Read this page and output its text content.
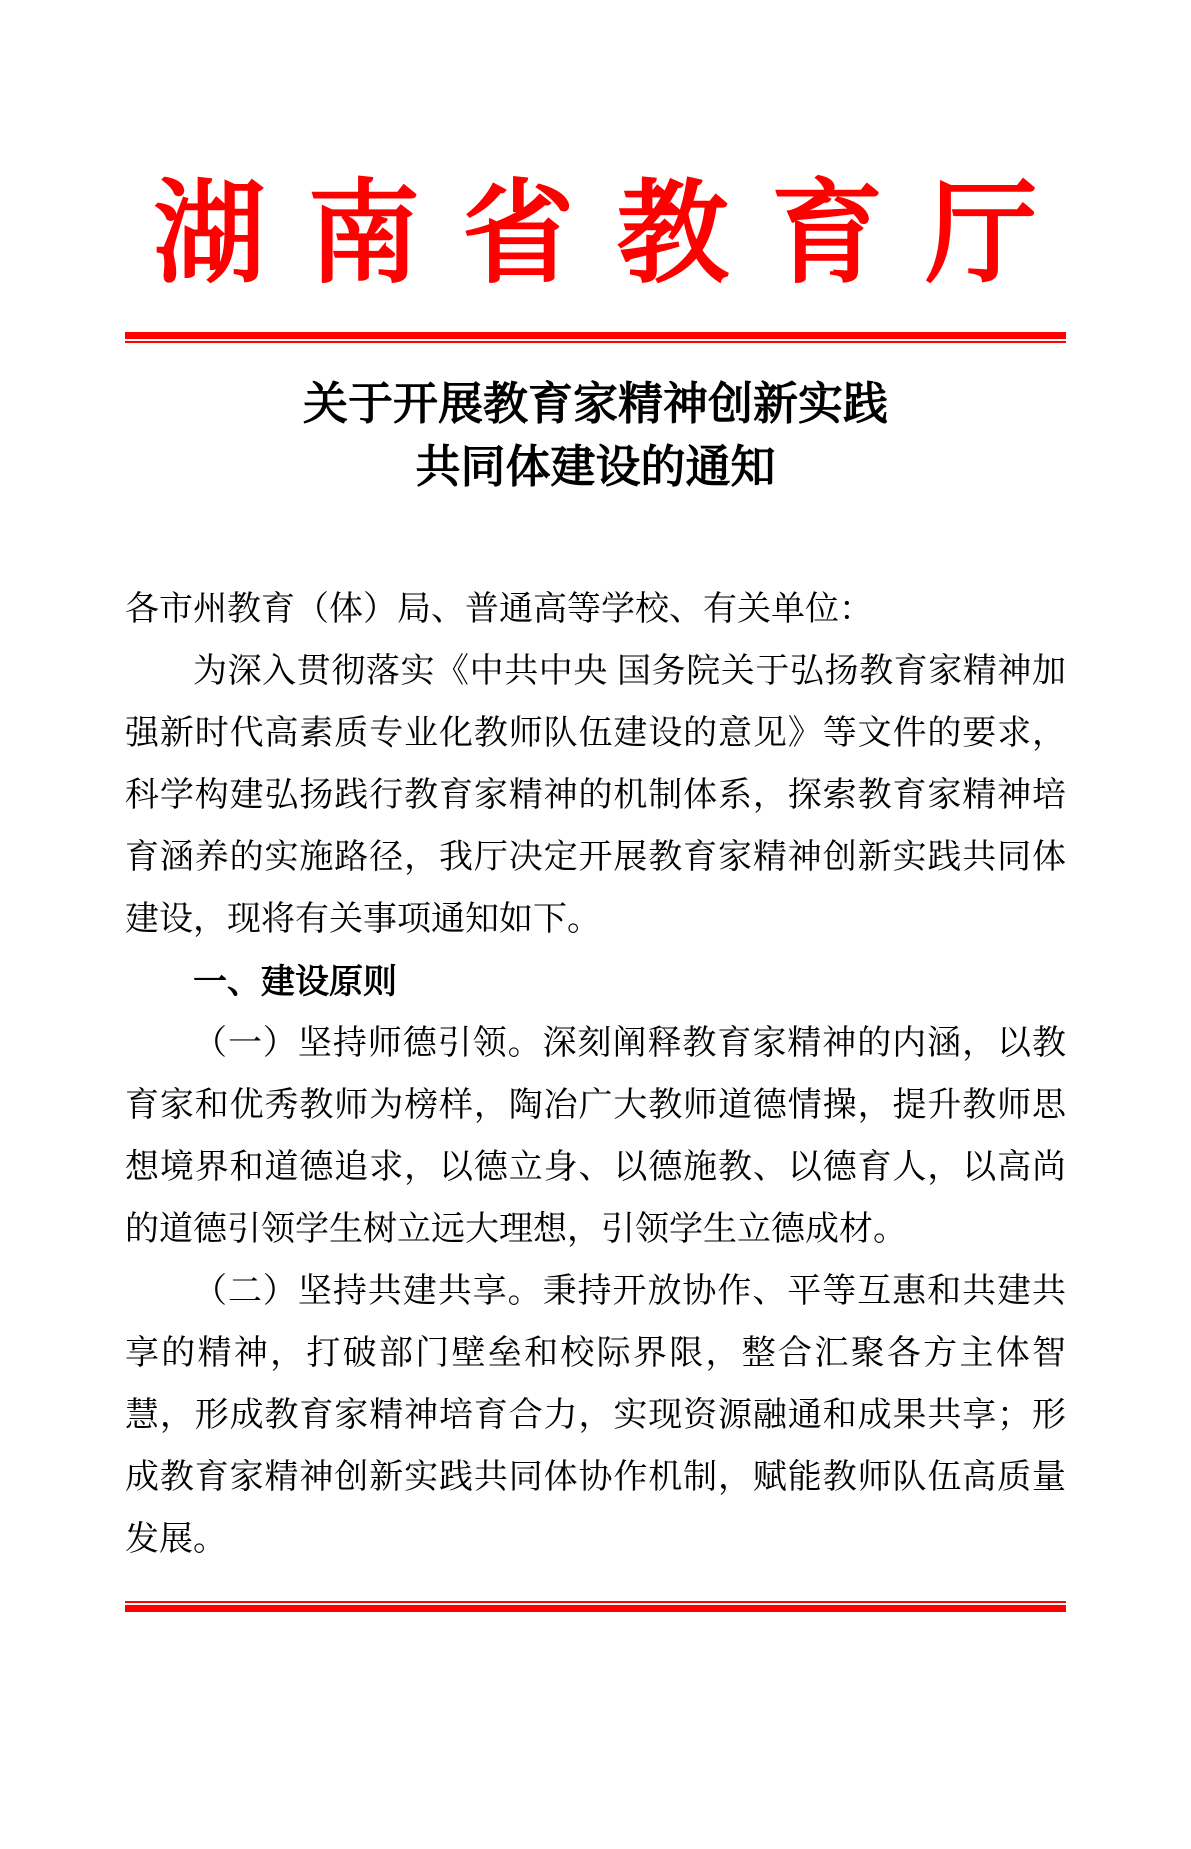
湖南省教育厅
关于开展教育家精神创新实践
共同体建设的通知

各市州教育（体）局、普通高等学校、有关单位：

为深入贯彻落实《中共中央 国务院关于弘扬教育家精神加强新时代高素质专业化教师队伍建设的意见》等文件的要求，科学构建弘扬践行教育家精神的机制体系，探索教育家精神培育涵养的实施路径，我厅决定开展教育家精神创新实践共同体建设，现将有关事项通知如下。

一、建设原则

（一）坚持师德引领。深刻阐释教育家精神的内涵，以教育家和优秀教师为榜样，陶冶广大教师道德情操，提升教师思想境界和道德追求，以德立身、以德施教、以德育人，以高尚的道德引领学生树立远大理想，引领学生立德成材。

（二）坚持共建共享。秉持开放协作、平等互惠和共建共享的精神，打破部门壁垒和校际界限，整合汇聚各方主体智慧，形成教育家精神培育合力，实现资源融通和成果共享；形成教育家精神创新实践共同体协作机制，赋能教师队伍高质量发展。
